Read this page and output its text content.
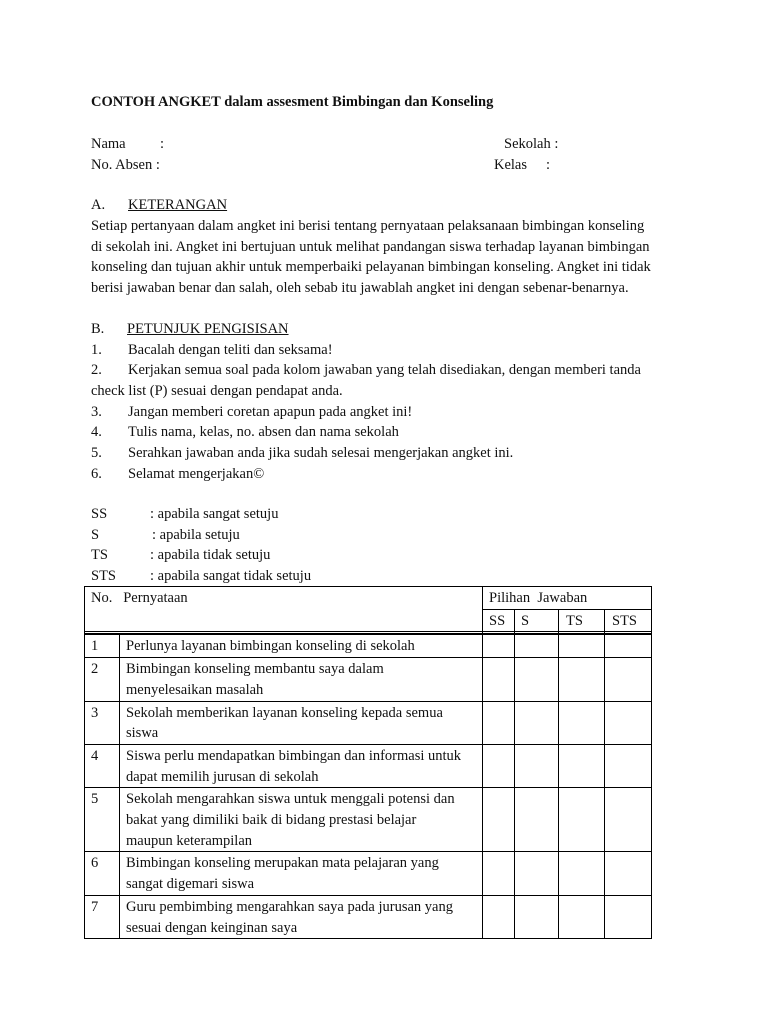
CONTOH ANGKET dalam assesment Bimbingan dan Konseling
Nama :	Sekolah :
No. Absen :	Kelas :
A. KETERANGAN
Setiap pertanyaan dalam angket ini berisi tentang pernyataan pelaksanaan bimbingan konseling
di sekolah ini. Angket ini bertujuan untuk melihat pandangan siswa terhadap layanan bimbingan
konseling dan tujuan akhir untuk memperbaiki pelayanan bimbingan konseling. Angket ini tidak
berisi jawaban benar dan salah, oleh sebab itu jawablah angket ini dengan sebenar-benarnya.
B. PETUNJUK PENGISISAN
1. Bacalah dengan teliti dan seksama!
2. Kerjakan semua soal pada kolom jawaban yang telah disediakan, dengan memberi tanda
check list (P) sesuai dengan pendapat anda.
3. Jangan memberi coretan apapun pada angket ini!
4. Tulis nama, kelas, no. absen dan nama sekolah
5. Serahkan jawaban anda jika sudah selesai mengerjakan angket ini.
6. Selamat mengerjakan©
SS	: apabila sangat setuju
S	: apabila setuju
TS	: apabila tidak setuju
STS : apabila sangat tidak setuju
No. Pernyataan		Pilihan  Jawaban			
		SS	S	TS	STS

1	Perlunya layanan bimbingan konseling di sekolah				
2	Bimbingan konseling membantu saya dalam
menyelesaikan masalah				
3	Sekolah memberikan layanan konseling kepada semua
siswa				
4	Siswa perlu mendapatkan bimbingan dan informasi untuk
dapat memilih jurusan di sekolah				
5	Sekolah mengarahkan siswa untuk menggali potensi dan
bakat yang dimiliki baik di bidang prestasi belajar
maupun keterampilan				
6	Bimbingan konseling merupakan mata pelajaran yang
sangat digemari siswa				
7	Guru pembimbing mengarahkan saya pada jurusan yang
sesuai dengan keinginan saya				
